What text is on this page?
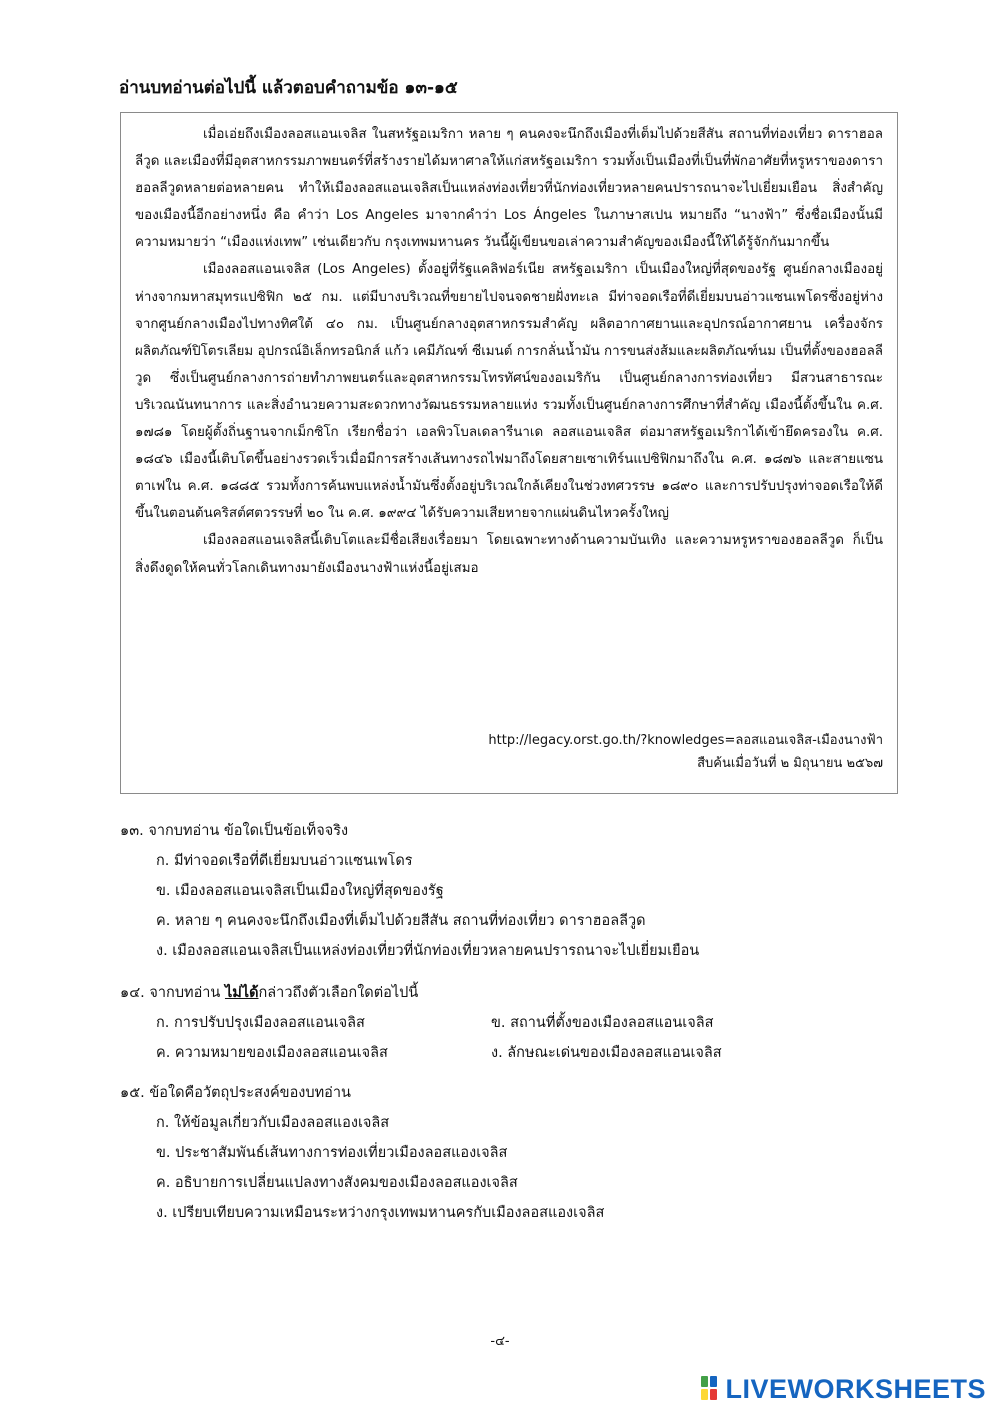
อ่านบทอ่านต่อไปนี้ แล้วตอบคำถามข้อ ๑๓-๑๕

เมื่อเอ่ยถึงเมืองลอสแอนเจลิส ในสหรัฐอเมริกา หลาย ๆ คนคงจะนึกถึงเมืองที่เต็มไปด้วยสีสัน สถานที่ท่องเที่ยว ดาราฮอลลีวูด และเมืองที่มีอุตสาหกรรมภาพยนตร์ที่สร้างรายได้มหาศาลให้แก่สหรัฐอเมริกา รวมทั้งเป็นเมืองที่เป็นที่พักอาศัยที่หรูหราของดาราฮอลลีวูดหลายต่อหลายคน ทำให้เมืองลอสแอนเจลิสเป็นแหล่งท่องเที่ยวที่นักท่องเที่ยวหลายคนปรารถนาจะไปเยี่ยมเยือน สิ่งสำคัญของเมืองนี้อีกอย่างหนึ่ง คือ คำว่า Los Angeles มาจากคำว่า Los Ángeles ในภาษาสเปน หมายถึง “นางฟ้า” ซึ่งชื่อเมืองนั้นมีความหมายว่า “เมืองแห่งเทพ” เช่นเดียวกับ กรุงเทพมหานคร วันนี้ผู้เขียนขอเล่าความสำคัญของเมืองนี้ให้ได้รู้จักกันมากขึ้น

เมืองลอสแอนเจลิส (Los Angeles) ตั้งอยู่ที่รัฐแคลิฟอร์เนีย สหรัฐอเมริกา เป็นเมืองใหญ่ที่สุดของรัฐ ศูนย์กลางเมืองอยู่ห่างจากมหาสมุทรแปซิฟิก ๒๕ กม. แต่มีบางบริเวณที่ขยายไปจนจดชายฝั่งทะเล มีท่าจอดเรือที่ดีเยี่ยมบนอ่าวแซนเพโดรซึ่งอยู่ห่างจากศูนย์กลางเมืองไปทางทิศใต้ ๔๐ กม. เป็นศูนย์กลางอุตสาหกรรมสำคัญ ผลิตอากาศยานและอุปกรณ์อากาศยาน เครื่องจักร ผลิตภัณฑ์ปิโตรเลียม อุปกรณ์อิเล็กทรอนิกส์ แก้ว เคมีภัณฑ์ ซีเมนต์ การกลั่นน้ำมัน การขนส่งส้มและผลิตภัณฑ์นม เป็นที่ตั้งของฮอลลีวูด ซึ่งเป็นศูนย์กลางการถ่ายทำภาพยนตร์และอุตสาหกรรมโทรทัศน์ของอเมริกัน เป็นศูนย์กลางการท่องเที่ยว มีสวนสาธารณะ บริเวณนันทนาการ และสิ่งอำนวยความสะดวกทางวัฒนธรรมหลายแห่ง รวมทั้งเป็นศูนย์กลางการศึกษาที่สำคัญ เมืองนี้ตั้งขึ้นใน ค.ศ. ๑๗๘๑ โดยผู้ตั้งถิ่นฐานจากเม็กซิโก เรียกชื่อว่า เอลพิวโบลเดลารีนาเด ลอสแอนเจลิส ต่อมาสหรัฐอเมริกาได้เข้ายึดครองใน ค.ศ. ๑๘๔๖ เมืองนี้เติบโตขึ้นอย่างรวดเร็วเมื่อมีการสร้างเส้นทางรถไฟมาถึงโดยสายเซาเทิร์นแปซิฟิกมาถึงใน ค.ศ. ๑๘๗๖ และสายแซนตาเฟใน ค.ศ. ๑๘๘๕ รวมทั้งการค้นพบแหล่งน้ำมันซึ่งตั้งอยู่บริเวณใกล้เคียงในช่วงทศวรรษ ๑๘๙๐ และการปรับปรุงท่าจอดเรือให้ดีขึ้นในตอนต้นคริสต์ศตวรรษที่ ๒๐ ใน ค.ศ. ๑๙๙๔ ได้รับความเสียหายจากแผ่นดินไหวครั้งใหญ่

เมืองลอสแอนเจลิสนี้เติบโตและมีชื่อเสียงเรื่อยมา โดยเฉพาะทางด้านความบันเทิง และความหรูหราของฮอลลีวูด ก็เป็นสิ่งดึงดูดให้คนทั่วโลกเดินทางมายังเมืองนางฟ้าแห่งนี้อยู่เสมอ

http://legacy.orst.go.th/?knowledges=ลอสแอนเจลิส-เมืองนางฟ้า
สืบค้นเมื่อวันที่ ๒ มิถุนายน ๒๕๖๗

๑๓. จากบทอ่าน ข้อใดเป็นข้อเท็จจริง

ก. มีท่าจอดเรือที่ดีเยี่ยมบนอ่าวแซนเพโดร

ข. เมืองลอสแอนเจลิสเป็นเมืองใหญ่ที่สุดของรัฐ

ค. หลาย ๆ คนคงจะนึกถึงเมืองที่เต็มไปด้วยสีสัน สถานที่ท่องเที่ยว ดาราฮอลลีวูด

ง. เมืองลอสแอนเจลิสเป็นแหล่งท่องเที่ยวที่นักท่องเที่ยวหลายคนปรารถนาจะไปเยี่ยมเยือน

๑๔. จากบทอ่าน ไม่ได้กล่าวถึงตัวเลือกใดต่อไปนี้

ก. การปรับปรุงเมืองลอสแอนเจลิส	ข. สถานที่ตั้งของเมืองลอสแอนเจลิส
ค. ความหมายของเมืองลอสแอนเจลิส	ง. ลักษณะเด่นของเมืองลอสแอนเจลิส

๑๕. ข้อใดคือวัตถุประสงค์ของบทอ่าน

ก. ให้ข้อมูลเกี่ยวกับเมืองลอสแองเจลิส

ข. ประชาสัมพันธ์เส้นทางการท่องเที่ยวเมืองลอสแองเจลิส

ค. อธิบายการเปลี่ยนแปลงทางสังคมของเมืองลอสแองเจลิส

ง. เปรียบเทียบความเหมือนระหว่างกรุงเทพมหานครกับเมืองลอสแองเจลิส

-๔-
LIVEWORKSHEETS
